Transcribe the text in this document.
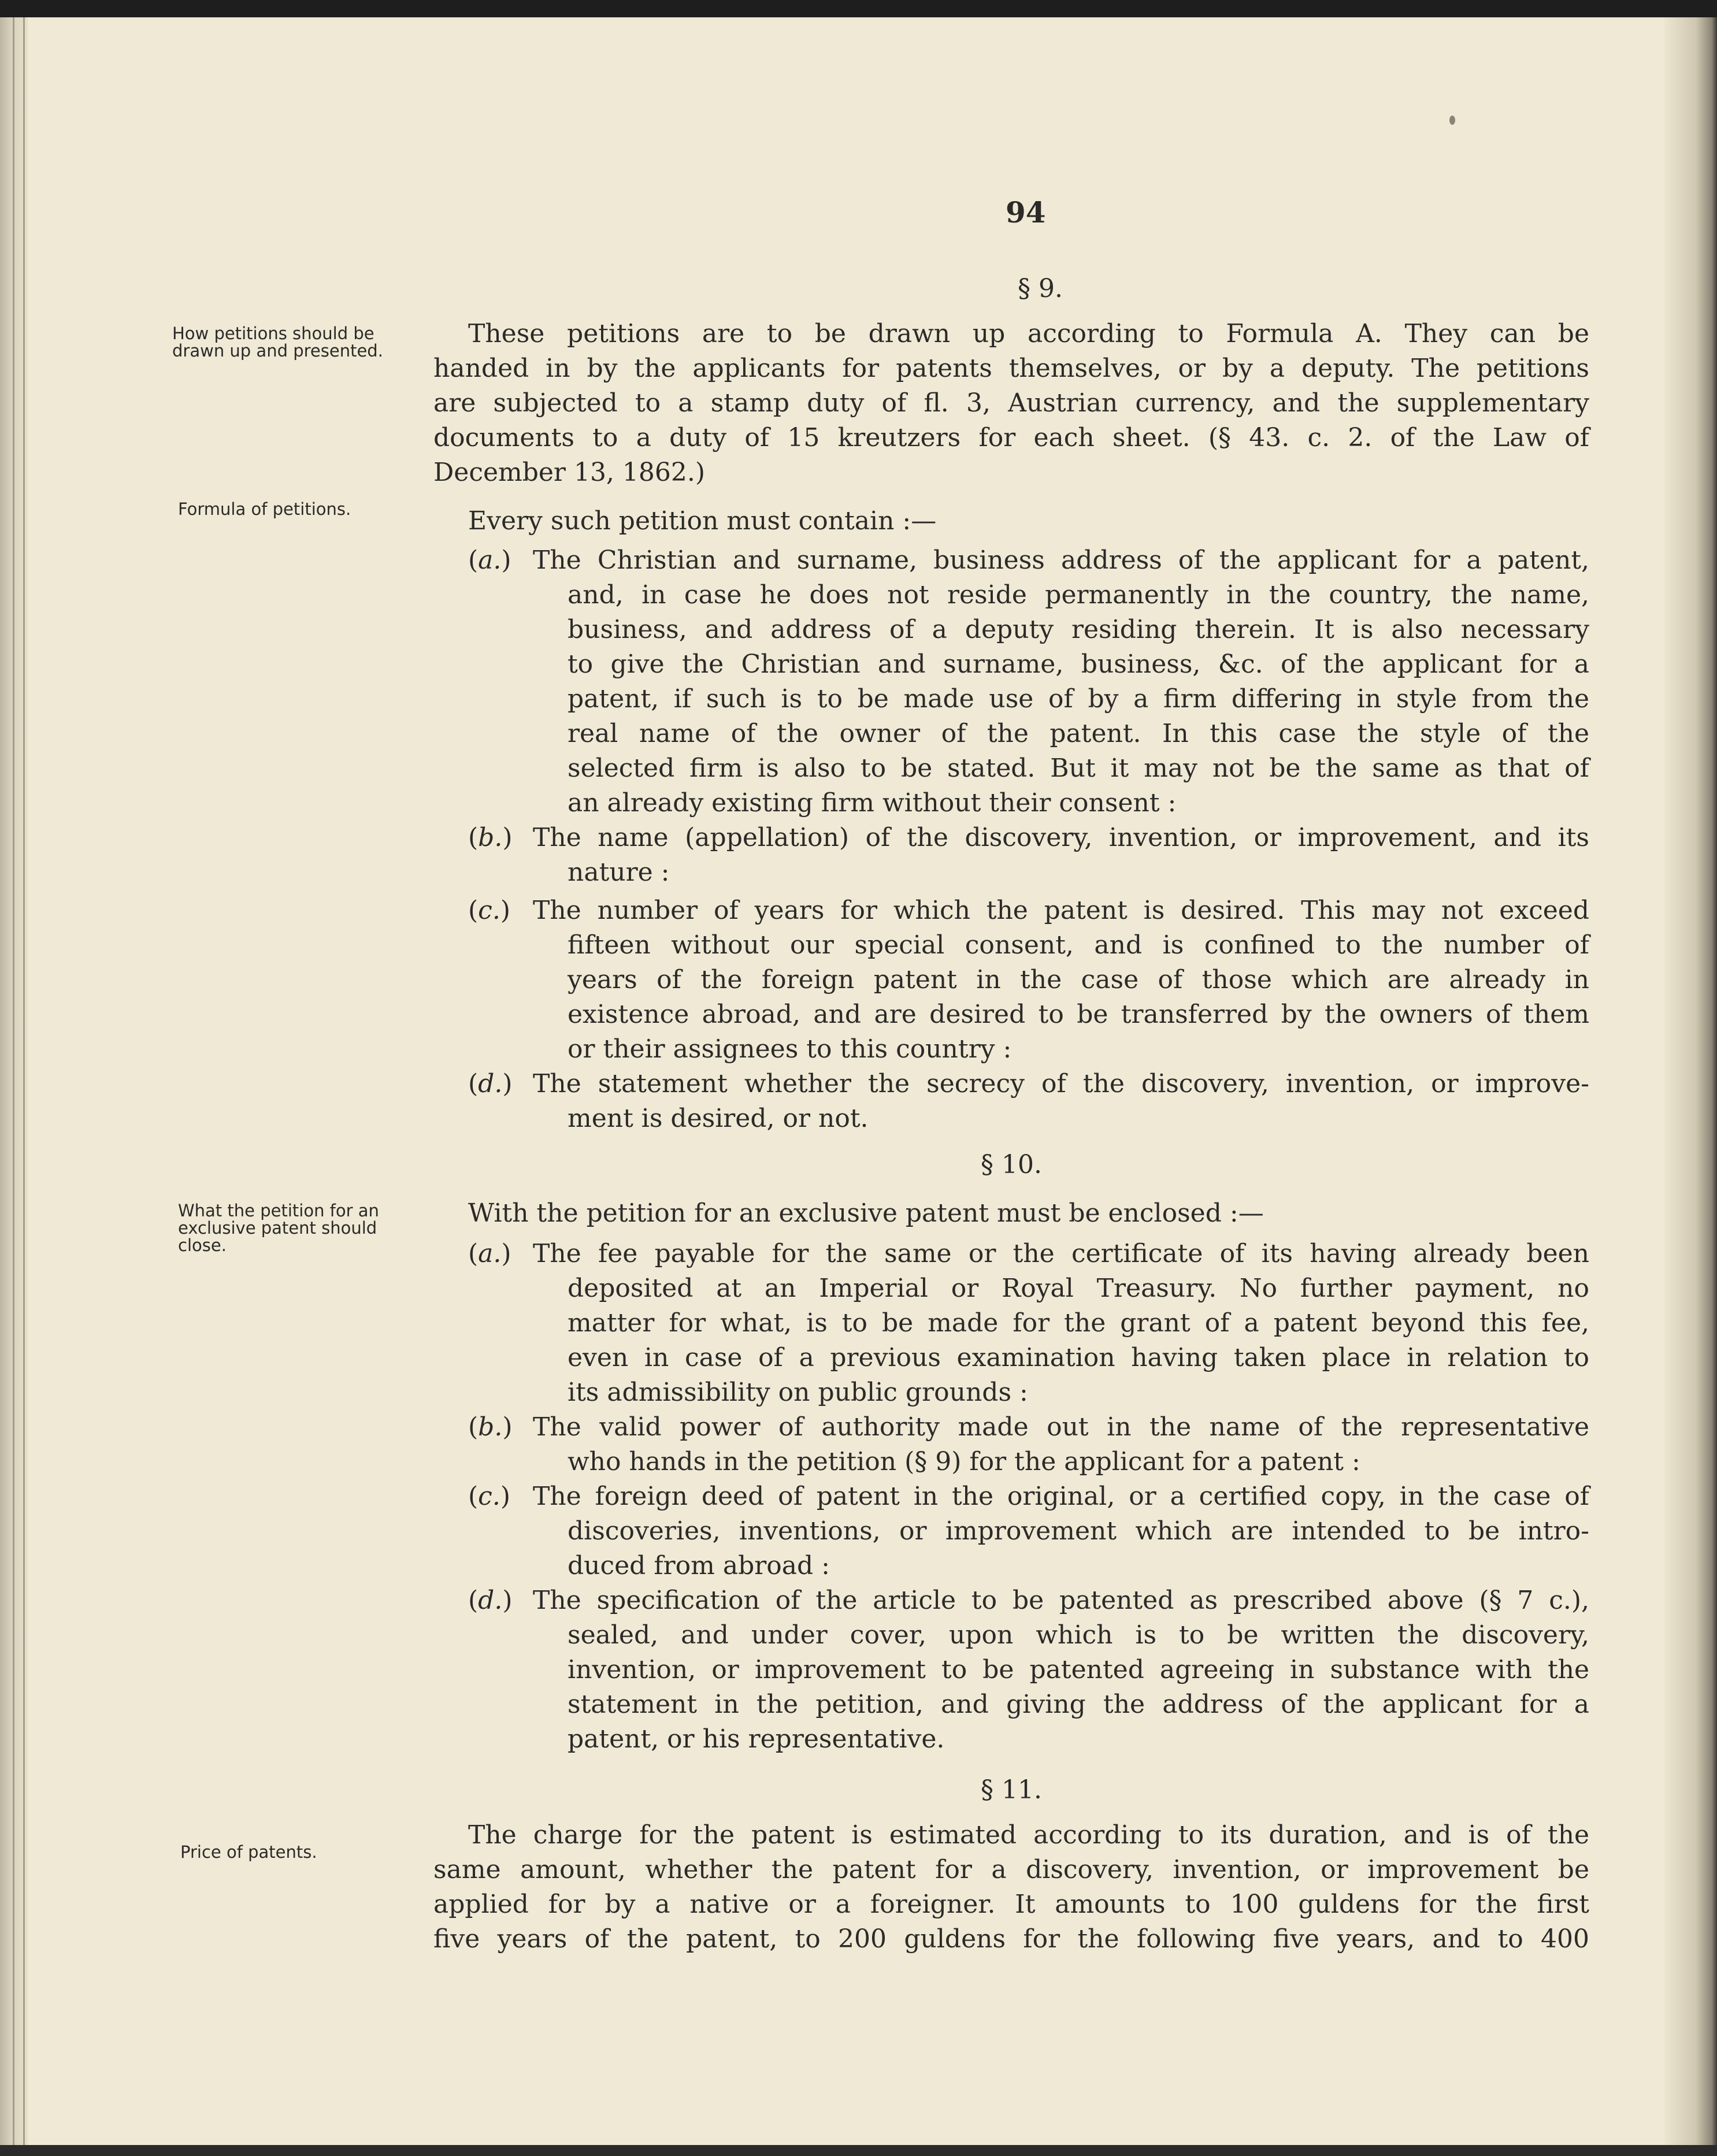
94
How petitions should be
drawn up and presented.
Formula of petitions.
What the petition for an
exclusive patent should
close.
Price of patents.
§ 9.
These petitions are to be drawn up according to Formula A. They can be
handed in by the applicants for patents themselves, or by a deputy. The petitions
are subjected to a stamp duty of fl. 3, Austrian currency, and the supplementary
documents to a duty of 15 kreutzers for each sheet. (§ 43. c. 2. of the Law of
December 13, 1862.)
Every such petition must contain :—
(a.) The Christian and surname, business address of the applicant for a patent,
and, in case he does not reside permanently in the country, the name,
business, and address of a deputy residing therein. It is also necessary
to give the Christian and surname, business, &c. of the applicant for a
patent, if such is to be made use of by a firm differing in style from the
real name of the owner of the patent. In this case the style of the
selected firm is also to be stated. But it may not be the same as that of
an already existing firm without their consent :
(b.) The name (appellation) of the discovery, invention, or improvement, and its
nature :
(c.) The number of years for which the patent is desired. This may not exceed
fifteen without our special consent, and is confined to the number of
years of the foreign patent in the case of those which are already in
existence abroad, and are desired to be transferred by the owners of them
or their assignees to this country :
(d.) The statement whether the secrecy of the discovery, invention, or improve-
ment is desired, or not.
§ 10.
With the petition for an exclusive patent must be enclosed :—
(a.) The fee payable for the same or the certificate of its having already been
deposited at an Imperial or Royal Treasury. No further payment, no
matter for what, is to be made for the grant of a patent beyond this fee,
even in case of a previous examination having taken place in relation to
its admissibility on public grounds :
(b.) The valid power of authority made out in the name of the representative
who hands in the petition (§ 9) for the applicant for a patent :
(c.) The foreign deed of patent in the original, or a certified copy, in the case of
discoveries, inventions, or improvement which are intended to be intro-
duced from abroad :
(d.) The specification of the article to be patented as prescribed above (§ 7 c.),
sealed, and under cover, upon which is to be written the discovery,
invention, or improvement to be patented agreeing in substance with the
statement in the petition, and giving the address of the applicant for a
patent, or his representative.
§ 11.
The charge for the patent is estimated according to its duration, and is of the
same amount, whether the patent for a discovery, invention, or improvement be
applied for by a native or a foreigner. It amounts to 100 guldens for the first
five years of the patent, to 200 guldens for the following five years, and to 400
